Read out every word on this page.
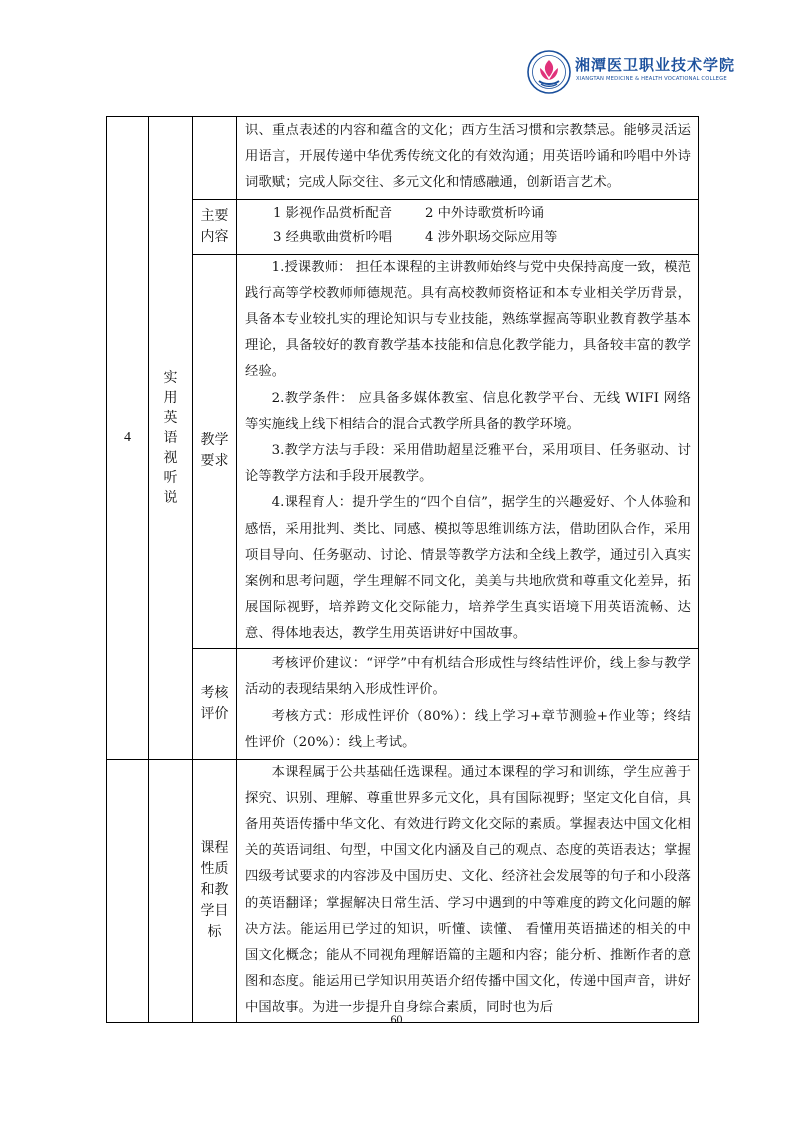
湘潭医卫职业技术学院
XIANGTAN MEDICINE & HEALTH VOCATIONAL COLLEGE
4	实用英语视听说		识、重点表述的内容和蕴含的文化；西方生活习惯和宗教禁忌。能够灵活运用语言，开展传递中华优秀传统文化的有效沟通；用英语吟诵和吟唱中外诗词歌赋；完成人际交往、多元文化和情感融通，创新语言艺术。

		主要内容	1 影视作品赏析配音 2 中外诗歌赏析吟诵
3 经典歌曲赏析吟唱 4 涉外职场交际应用等

		教学要求	1.授课教师： 担任本课程的主讲教师始终与党中央保持高度一致，模范践行高等学校教师师德规范。具有高校教师资格证和本专业相关学历背景，具备本专业较扎实的理论知识与专业技能，熟练掌握高等职业教育教学基本理论，具备较好的教育教学基本技能和信息化教学能力，具备较丰富的教学经验。

2.教学条件： 应具备多媒体教室、信息化教学平台、无线 WIFI 网络等实施线上线下相结合的混合式教学所具备的教学环境。

3.教学方法与手段：采用借助超星泛雅平台，采用项目、任务驱动、讨论等教学方法和手段开展教学。

4.课程育人：提升学生的“四个自信”，据学生的兴趣爱好、个人体验和感悟，采用批判、类比、同感、模拟等思维训练方法，借助团队合作，采用项目导向、任务驱动、讨论、情景等教学方法和全线上教学，通过引入真实案例和思考问题，学生理解不同文化，美美与共地欣赏和尊重文化差异，拓展国际视野，培养跨文化交际能力，培养学生真实语境下用英语流畅、达意、得体地表达，教学生用英语讲好中国故事。

		考核评价	考核评价建议：“评学”中有机结合形成性与终结性评价，线上参与教学活动的表现结果纳入形成性评价。

考核方式：形成性评价（80%）：线上学习+章节测验+作业等；终结性评价（20%）：线上考试。

		课程性质和教学目标	本课程属于公共基础任选课程。通过本课程的学习和训练，学生应善于探究、识别、理解、尊重世界多元文化，具有国际视野；坚定文化自信，具备用英语传播中华文化、有效进行跨文化交际的素质。掌握表达中国文化相关的英语词组、句型，中国文化内涵及自己的观点、态度的英语表达；掌握四级考试要求的内容涉及中国历史、文化、经济社会发展等的句子和小段落的英语翻译；掌握解决日常生活、学习中遇到的中等难度的跨文化问题的解决方法。能运用已学过的知识，听懂、读懂、 看懂用英语描述的相关的中国文化概念；能从不同视角理解语篇的主题和内容；能分析、推断作者的意图和态度。能运用已学知识用英语介绍传播中国文化，传递中国声音，讲好中国故事。为进一步提升自身综合素质，同时也为后
60
